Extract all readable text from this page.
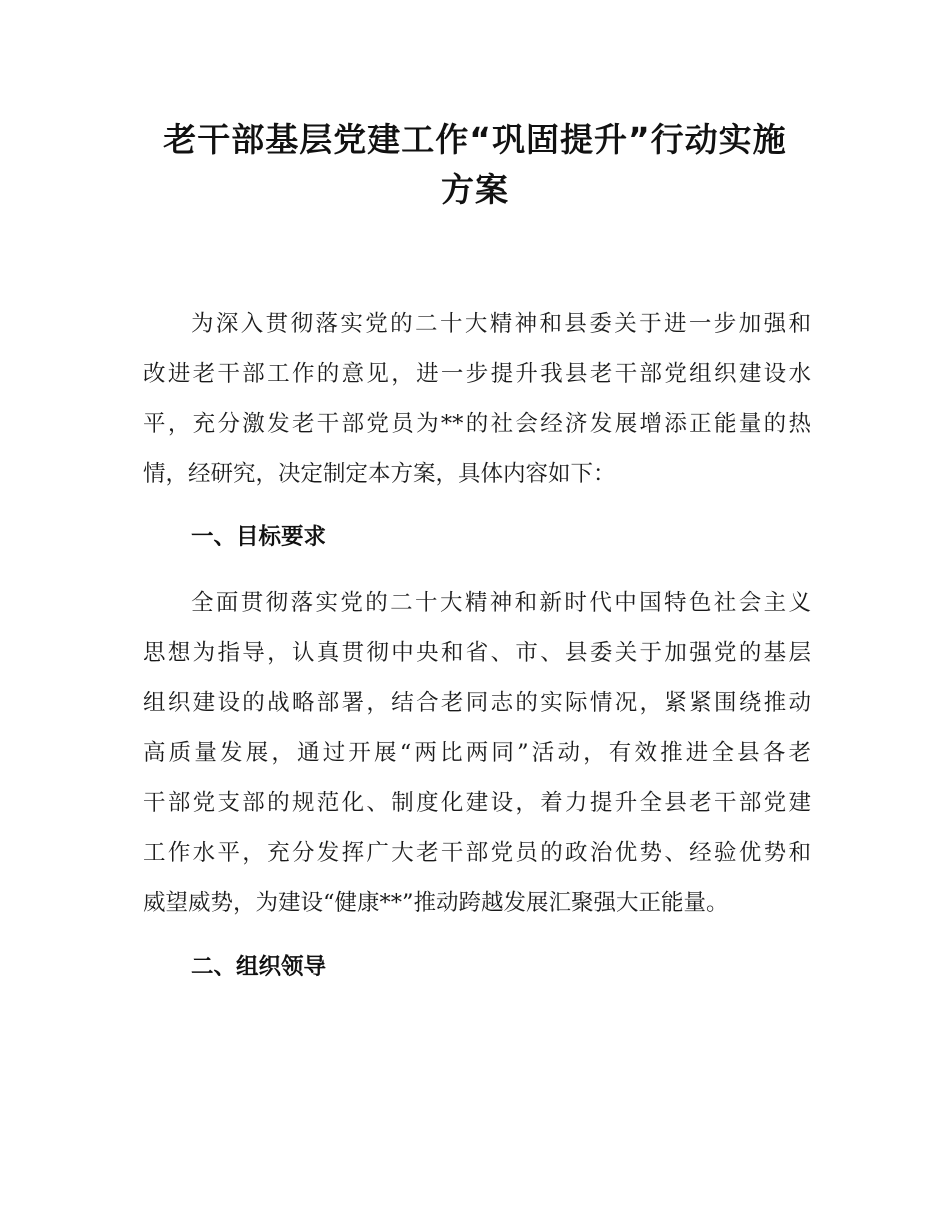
老干部基层党建工作“巩固提升”行动实施
方案
为深入贯彻落实党的二十大精神和县委关于进一步加强和
改进老干部工作的意见，进一步提升我县老干部党组织建设水
平，充分激发老干部党员为**的社会经济发展增添正能量的热
情，经研究，决定制定本方案，具体内容如下：
一、目标要求
全面贯彻落实党的二十大精神和新时代中国特色社会主义
思想为指导，认真贯彻中央和省、市、县委关于加强党的基层
组织建设的战略部署，结合老同志的实际情况，紧紧围绕推动
高质量发展，通过开展“两比两同”活动，有效推进全县各老
干部党支部的规范化、制度化建设，着力提升全县老干部党建
工作水平，充分发挥广大老干部党员的政治优势、经验优势和
威望威势，为建设“健康**”推动跨越发展汇聚强大正能量。
二、组织领导
